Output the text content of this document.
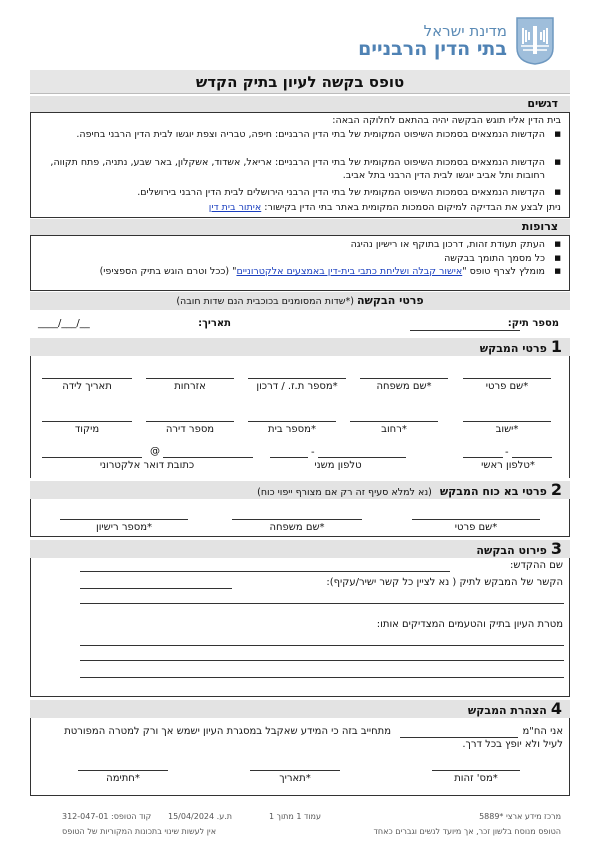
מדינת ישראל
בתי הדין הרבניים
טופס בקשה לעיון בתיק הקדש
דגשים
בית הדין אליו תוגש הבקשה יהיה בהתאם לחלוקה הבאה:
■
הקדשות הנמצאים בסמכות השיפוט המקומית של בתי הדין הרבניים: חיפה, טבריה וצפת יוגשו לבית הדין הרבני בחיפה.
■
הקדשות הנמצאים בסמכות השיפוט המקומית של בתי הדין הרבניים: אריאל, אשדוד, אשקלון, באר שבע, נתניה, פתח תקווה, רחובות ותל אביב יוגשו לבית הדין הרבני בתל אביב.
■
הקדשות הנמצאים בסמכות השיפוט המקומית של בתי הדין הרבני הירושלים לבית הדין הרבני בירושלים.
ניתן לבצע את הבדיקה למיקום הסמכות המקומית באתר בתי הדין בקישור: איתור בית דין
צרופות
■
העתק תעודת זהות, דרכון בתוקף או רישיון נהיגה
■
כל מסמך התומך בבקשה
■
מומלץ לצרף טופס "אישור קבלה ושליחת כתבי בית-דין באמצעים אלקטרוניים" (ככל וטרם הוגש בתיק הספציפי)
פרטי הבקשה (*שדות המסומנים בכוכבית הנם שדות חובה)
מספר תיק:
תאריך:
__/___/____
1פרטי המבקש
*שם פרטי
*שם משפחה
*מספר ת.ז. / דרכון
אזרחות
תאריך לידה
*ישוב
*רחוב
*מספר בית
מספר דירה
מיקוד
-
*טלפון ראשי
-
טלפון משני
@
כתובת דואר אלקטרוני
2פרטי בא כוח המבקש(נא למלא סעיף זה רק אם מצורף ייפוי כוח)
*שם פרטי
*שם משפחה
*מספר רישיון
3פירוט הבקשה
שם ההקדש:
הקשר של המבקש לתיק ( נא לציין כל קשר ישיר/עקיף):
מטרת העיון בתיק והטעמים המצדיקים אותו:
4הצהרת המבקש
אני הח"מ
מתחייב בזה כי המידע שאקבל במסגרת העיון ישמש אך ורק למטרה המפורטת
לעיל ולא יופץ בכל דרך.
*מס' זהות
*תאריך
*חתימה
מרכז מידע ארצי *5889
עמוד 1 מתוך 1
ת.ע. 15/04/2024
קוד הטופס: 312-047-01
הטופס מנוסח בלשון זכר, אך מיועד לנשים וגברים כאחד
אין לעשות שינוי בתכונות המקוריות של הטופס
